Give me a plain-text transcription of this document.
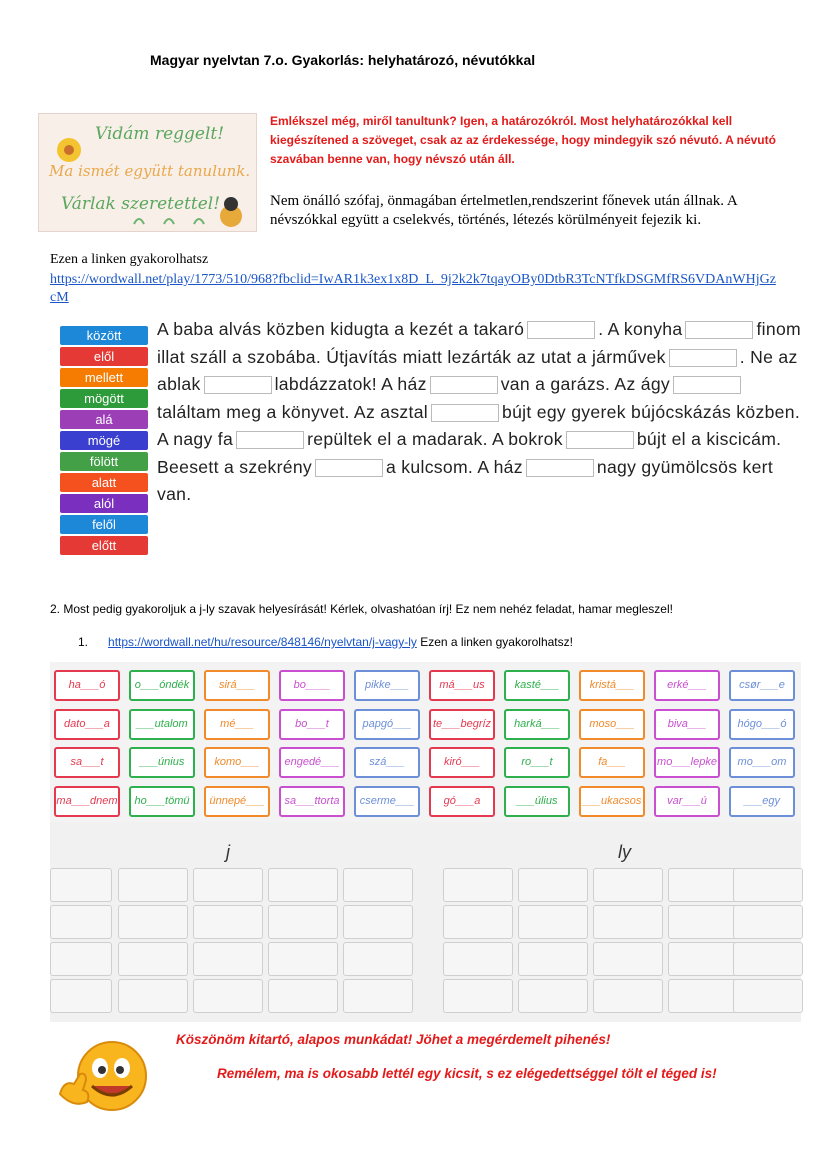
Magyar nyelvtan 7.o. Gyakorlás: helyhatározó, névutókkal
Vidám reggelt!
Ma ismét együtt tanulunk.
Várlak szeretettel!
Emlékszel még, miről tanultunk? Igen, a határozókról. Most helyhatározókkal kell kiegészítened a szöveget, csak az az érdekessége, hogy mindegyik szó névutó. A névutó szavában benne van, hogy névszó után áll.
Nem önálló szófaj, önmagában értelmetlen,rendszerint főnevek után állnak. A névszókkal együtt a cselekvés, történés, létezés körülményeit fejezik ki.
Ezen a linken gyakorolhatsz
https://wordwall.net/play/1773/510/968?fbclid=IwAR1k3ex1x8D_L_9j2k2k7tqayOBy0DtbR3TcNTfkDSGMfRS6VDAnWHjGzcM
között
elől
mellett
mögött
alá
mögé
fölött
alatt
alól
felől
előtt
A baba alvás közben kidugta a kezét a takaró	. A konyha	finom illat száll a szobába. Útjavítás miatt lezárták az utat a járművek	. Ne az ablak	labdázzatok! A ház	van a garázs. Az ágytaláltam meg a könyvet. Az asztal	bújt egy gyerek bújócskázás közben. A nagy fa	repültek el a madarak. A bokrok	bújt el a kiscicám. Beesett a szekrény	a kulcsom. A ház	nagy gyümölcsös kert van.
2. Most pedig gyakoroljuk a j-ly szavak helyesírását! Kérlek, olvashatóan írj! Ez nem nehéz feladat, hamar megleszel!
1. https://wordwall.net/hu/resource/848146/nyelvtan/j-vagy-ly Ezen a linken gyakorolhatsz!
ha___ó	o___óndék	sirá___	bo____	pikke___	má___us	kasté___	kristá___	erké___	csør___e
dato___a	___utalom	mé___	bo___t	papgó___	te___begríz	harká___	moso___	biva___	hógo___ó
sa___t	___únius	komo___	engedé___	szá___	kiró___	ro___t	fa___	mo___lepke	mo___om
ma___dnem	ho___tömü	ünnepé___	sa___ttorta	cserme___	gó___a	___úlius	___ukacsos	var___ú	___egy
j	ly
Köszönöm kitartó, alapos munkádat! Jöhet a megérdemelt pihenés!
Remélem, ma is okosabb lettél egy kicsit, s ez elégedettséggel tölt el téged is!
